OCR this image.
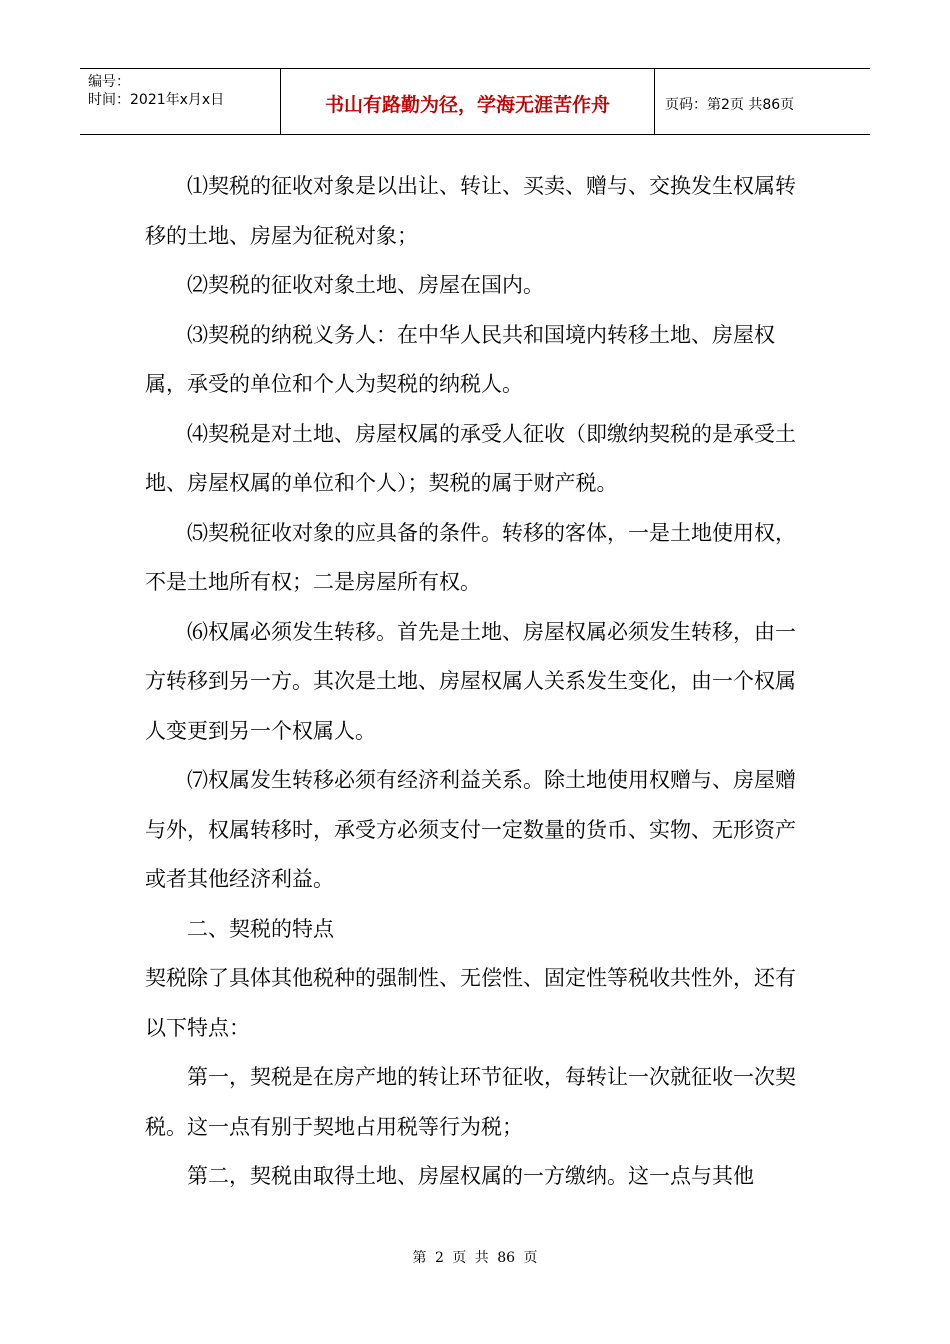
编号：
时间：2021年x月x日	书山有路勤为径，学海无涯苦作舟	页码：第2页 共86页

⑴契税的征收对象是以出让、转让、买卖、赠与、交换发生权属转移的土地、房屋为征税对象；

⑵契税的征收对象土地、房屋在国内。

⑶契税的纳税义务人：在中华人民共和国境内转移土地、房屋权属，承受的单位和个人为契税的纳税人。

⑷契税是对土地、房屋权属的承受人征收（即缴纳契税的是承受土地、房屋权属的单位和个人）；契税的属于财产税。

⑸契税征收对象的应具备的条件。转移的客体，一是土地使用权，不是土地所有权；二是房屋所有权。

⑹权属必须发生转移。首先是土地、房屋权属必须发生转移，由一方转移到另一方。其次是土地、房屋权属人关系发生变化，由一个权属人变更到另一个权属人。

⑺权属发生转移必须有经济利益关系。除土地使用权赠与、房屋赠与外，权属转移时，承受方必须支付一定数量的货币、实物、无形资产或者其他经济利益。

二、契税的特点

契税除了具体其他税种的强制性、无偿性、固定性等税收共性外，还有以下特点：

第一，契税是在房产地的转让环节征收，每转让一次就征收一次契税。这一点有别于契地占用税等行为税；

第二，契税由取得土地、房屋权属的一方缴纳。这一点与其他

第 2 页 共 86 页
